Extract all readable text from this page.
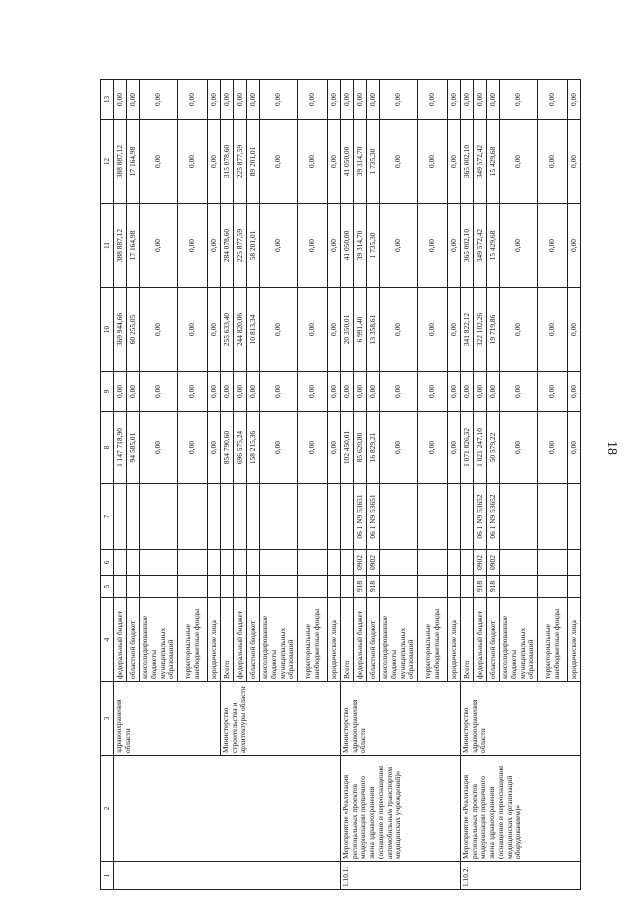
18
1	2	3	4	5	6	7	8	9	10	11	12	13
		здравоохранения области	федеральный бюджет				1 147 718,90	0,00	369 944,66	388 887,12	388 887,12	0,00
			областной бюджет				94 585,01	0,00	60 255,05	17 164,98	17 164,98	0,00
			консолидированные бюджеты муниципальных образований				0,00	0,00	0,00	0,00	0,00	0,00
			территориальные внебюджетные фонды				0,00	0,00	0,00	0,00	0,00	0,00
			юридические лица				0,00	0,00	0,00	0,00	0,00	0,00
		Министерство строительства и архитектуры области	Всего				854 790,60	0,00	255 633,40	284 078,60	315 078,60	0,00
			федеральный бюджет				696 575,24	0,00	244 820,06	225 877,59	225 877,59	0,00
			областной бюджет				158 215,36	0,00	10 813,34	58 201,01	89 201,01	0,00
			консолидированные бюджеты муниципальных образований				0,00	0,00	0,00	0,00	0,00	0,00
			территориальные внебюджетные фонды				0,00	0,00	0,00	0,00	0,00	0,00
			юридические лица				0,00	0,00	0,00	0,00	0,00	0,00
1.10.1.	Мероприятие «Реализация региональных проектов модернизации первичного звена здравоохранения (оснащение и переоснащение автомобильным транспортом медицинских учреждений)»	Министерство здравоохранения области	Всего				102 450,01	0,00	20 350,01	41 050,00	41 050,00	0,00
			федеральный бюджет	918	0902	06 1 N9 53651	85 620,80	0,00	6 991,40	39 314,70	39 314,70	0,00
			областной бюджет	918	0902	06 1 N9 53651	16 829,21	0,00	13 358,61	1 735,30	1 735,30	0,00
			консолидированные бюджеты муниципальных образований				0,00	0,00	0,00	0,00	0,00	0,00
			территориальные внебюджетные фонды				0,00	0,00	0,00	0,00	0,00	0,00
			юридические лица				0,00	0,00	0,00	0,00	0,00	0,00
1.10.2.	Мероприятие «Реализация региональных проектов модернизации первичного звена здравоохранения (оснащение и переоснащение медицинских организаций оборудованием)»	Министерство здравоохранения области	Всего				1 071 826,32	0,00	341 822,12	365 002,10	365 002,10	0,00
			федеральный бюджет	918	0902	06 1 N9 53652	1 021 247,10	0,00	322 102,26	349 572,42	349 572,42	0,00
			областной бюджет	918	0902	06 1 N9 53652	50 579,22	0,00	19 719,86	15 429,68	15 429,68	0,00
			консолидированные бюджеты муниципальных образований				0,00	0,00	0,00	0,00	0,00	0,00
			территориальные внебюджетные фонды				0,00	0,00	0,00	0,00	0,00	0,00
			юридические лица				0,00	0,00	0,00	0,00	0,00	0,00
